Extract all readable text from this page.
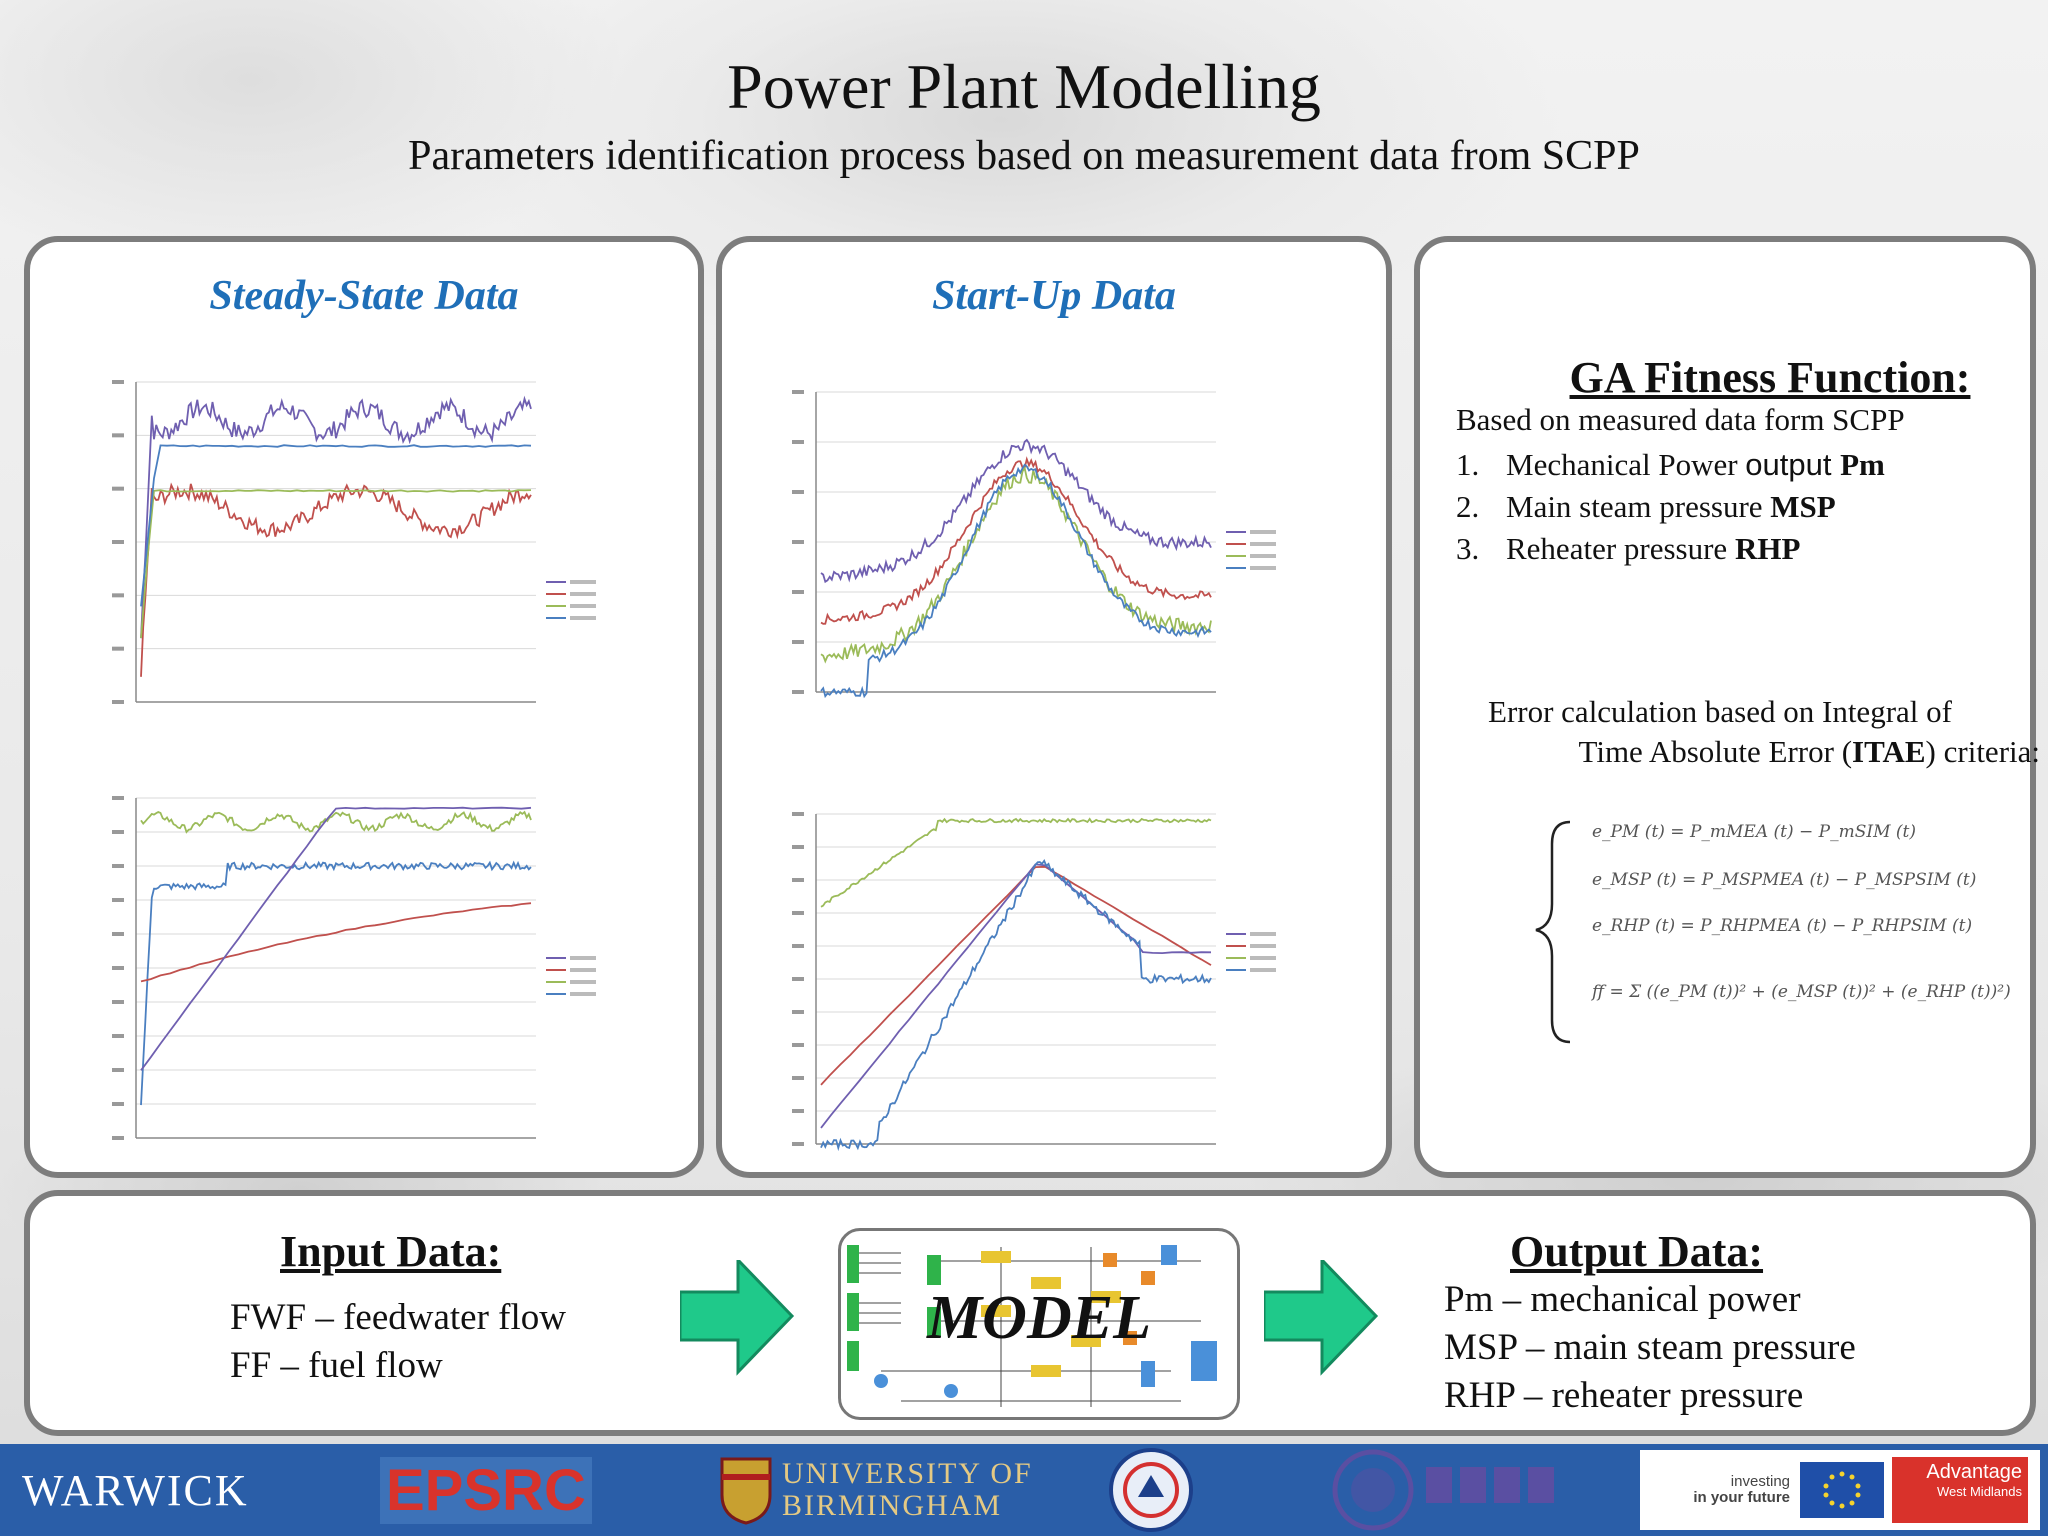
Power Plant Modelling
Parameters identification process based on measurement data from SCPP
Steady-State Data	Start-Up Data
GA Fitness Function:
Based on measured data form SCPP
1. Mechanical Power output Pm
2. Main steam pressure MSP
3. Reheater pressure RHP
Error calculation based on Integral of
Time Absolute Error (ITAE) criteria:
e_PM (t) = P_mMEA (t) − P_mSIM (t)
e_MSP (t) = P_MSPMEA (t) − P_MSPSIM (t)
e_RHP (t) = P_RHPMEA (t) − P_RHPSIM (t)
ff = Σ ((e_PM (t))² + (e_MSP (t))² + (e_RHP (t))²)
Input Data:
FWF – feedwater flow
FF – fuel flow
MODEL
Output Data:
Pm – mechanical power
MSP – main steam pressure
RHP – reheater pressure
WARWICK EPSRC	UNIVERSITY OF
BIRMINGHAM
investing
in your future
Advantage
West Midlands
